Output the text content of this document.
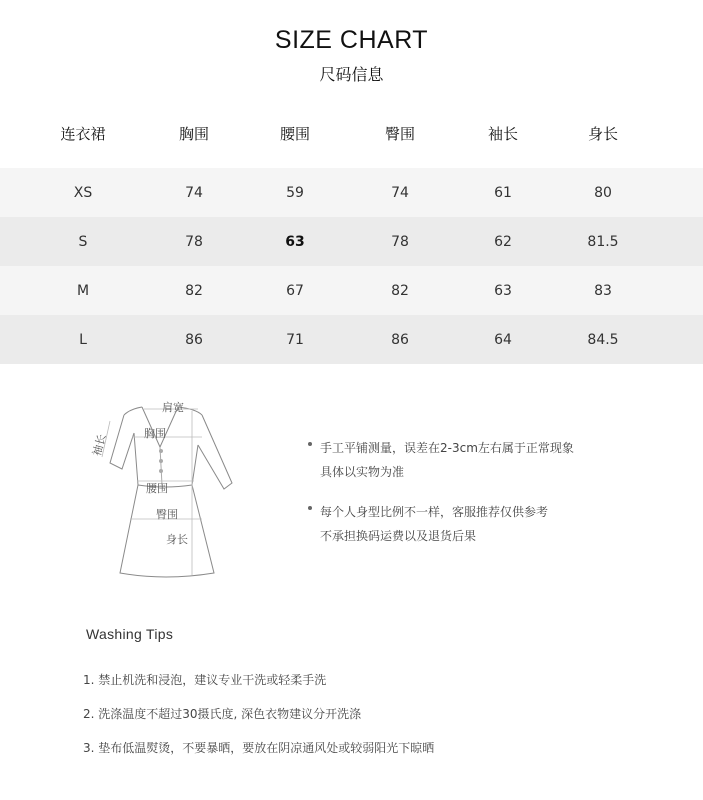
SIZE CHART
尺码信息
连衣裙	胸围	腰围	臀围	袖长	身长
XS	74	59	74	61	80
S	78	63	78	62	81.5
M	82	67	82	63	83
L	86	71	86	64	84.5
肩宽
胸围
袖长
腰围
臀围
身长
手工平铺测量，误差在2-3cm左右属于正常现象
具体以实物为准
每个人身型比例不一样，客服推荐仅供参考
不承担换码运费以及退货后果
Washing Tips
1. 禁止机洗和浸泡，建议专业干洗或轻柔手洗
2. 洗涤温度不超过30摄氏度, 深色衣物建议分开洗涤
3. 垫布低温熨烫，不要暴晒，要放在阴凉通风处或较弱阳光下晾晒
